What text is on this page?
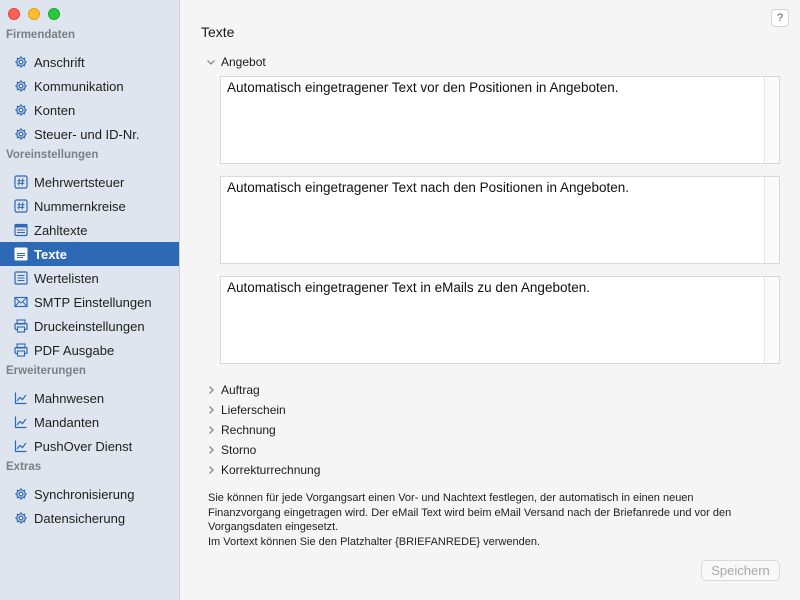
Firmendaten
Anschrift
Kommunikation
Konten
Steuer- und ID-Nr.
Voreinstellungen
Mehrwertsteuer
Nummernkreise
Zahltexte
Texte
Wertelisten
SMTP Einstellungen
Druckeinstellungen
PDF Ausgabe
Erweiterungen
Mahnwesen
Mandanten
PushOver Dienst
Extras
Synchronisierung
Datensicherung
Texte
?
Angebot
Automatisch eingetragener Text vor den Positionen in Angeboten.
Automatisch eingetragener Text nach den Positionen in Angeboten.
Automatisch eingetragener Text in eMails zu den Angeboten.
Auftrag
Lieferschein
Rechnung
Storno
Korrekturrechnung
Sie können für jede Vorgangsart einen Vor- und Nachtext festlegen, der automatisch in einen neuen
Finanzvorgang eingetragen wird. Der eMail Text wird beim eMail Versand nach der Briefanrede und vor den
Vorgangsdaten eingesetzt.
Im Vortext können Sie den Platzhalter {BRIEFANREDE} verwenden.
Speichern
